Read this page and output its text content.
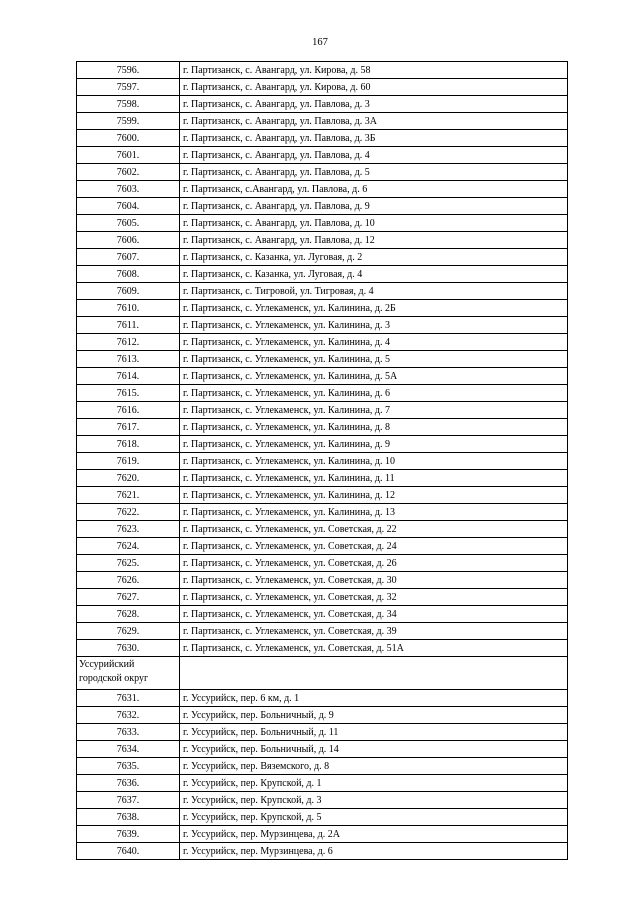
167
7596.	г. Партизанск, с. Авангард, ул. Кирова, д. 58
7597.	г. Партизанск, с. Авангард, ул. Кирова, д. 60
7598.	г. Партизанск, с. Авангард, ул. Павлова, д. 3
7599.	г. Партизанск, с. Авангард, ул. Павлова, д. 3А
7600.	г. Партизанск, с. Авангард, ул. Павлова, д. 3Б
7601.	г. Партизанск, с. Авангард, ул. Павлова, д. 4
7602.	г. Партизанск, с. Авангард, ул. Павлова, д. 5
7603.	г. Партизанск, с.Авангард, ул. Павлова, д. 6
7604.	г. Партизанск, с. Авангард, ул. Павлова, д. 9
7605.	г. Партизанск, с. Авангард, ул. Павлова, д. 10
7606.	г. Партизанск, с. Авангард, ул. Павлова, д. 12
7607.	г. Партизанск, с. Казанка, ул. Луговая, д. 2
7608.	г. Партизанск, с. Казанка, ул. Луговая, д. 4
7609.	г. Партизанск, с. Тигровой, ул. Тигровая, д. 4
7610.	г. Партизанск, с. Углекаменск, ул. Калинина, д. 2Б
7611.	г. Партизанск, с. Углекаменск, ул. Калинина, д. 3
7612.	г. Партизанск, с. Углекаменск, ул. Калинина, д. 4
7613.	г. Партизанск, с. Углекаменск, ул. Калинина, д. 5
7614.	г. Партизанск, с. Углекаменск, ул. Калинина, д. 5А
7615.	г. Партизанск, с. Углекаменск, ул. Калинина, д. 6
7616.	г. Партизанск, с. Углекаменск, ул. Калинина, д. 7
7617.	г. Партизанск, с. Углекаменск, ул. Калинина, д. 8
7618.	г. Партизанск, с. Углекаменск, ул. Калинина, д. 9
7619.	г. Партизанск, с. Углекаменск, ул. Калинина, д. 10
7620.	г. Партизанск, с. Углекаменск, ул. Калинина, д. 11
7621.	г. Партизанск, с. Углекаменск, ул. Калинина, д. 12
7622.	г. Партизанск, с. Углекаменск, ул. Калинина, д. 13
7623.	г. Партизанск, с. Углекаменск, ул. Советская, д. 22
7624.	г. Партизанск, с. Углекаменск, ул. Советская, д. 24
7625.	г. Партизанск, с. Углекаменск, ул. Советская, д. 26
7626.	г. Партизанск, с. Углекаменск, ул. Советская, д. 30
7627.	г. Партизанск, с. Углекаменск, ул. Советская, д. 32
7628.	г. Партизанск, с. Углекаменск, ул. Советская, д. 34
7629.	г. Партизанск, с. Углекаменск, ул. Советская, д. 39
7630.	г. Партизанск, с. Углекаменск, ул. Советская, д. 51А
Уссурийский городской округ	
7631.	г. Уссурийск, пер. 6 км, д. 1
7632.	г. Уссурийск, пер. Больничный, д. 9
7633.	г. Уссурийск, пер. Больничный, д. 11
7634.	г. Уссурийск, пер. Больничный, д. 14
7635.	г. Уссурийск, пер. Вяземского, д. 8
7636.	г. Уссурийск, пер. Крупской, д. 1
7637.	г. Уссурийск, пер. Крупской, д. 3
7638.	г. Уссурийск, пер. Крупской, д. 5
7639.	г. Уссурийск, пер. Мурзинцева, д. 2А
7640.	г. Уссурийск, пер. Мурзинцева, д. 6
